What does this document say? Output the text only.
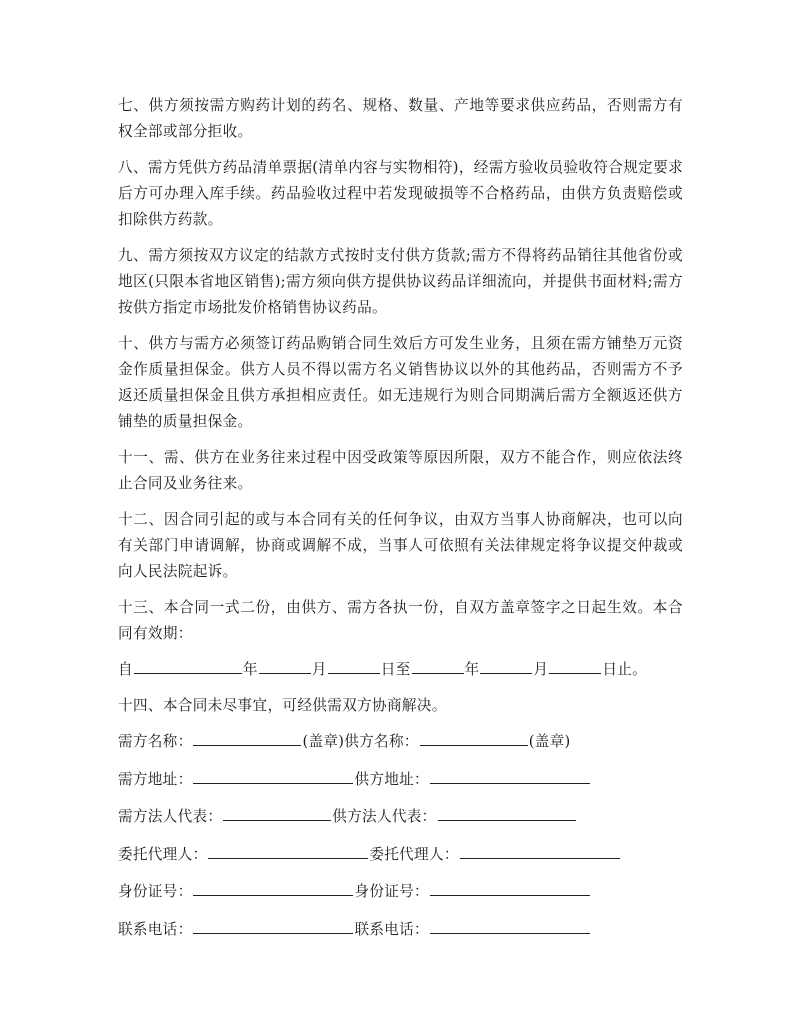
七、供方须按需方购药计划的药名、规格、数量、产地等要求供应药品，否则需方有权全部或部分拒收。

八、需方凭供方药品清单票据(清单内容与实物相符)，经需方验收员验收符合规定要求后方可办理入库手续。药品验收过程中若发现破损等不合格药品，由供方负责赔偿或扣除供方药款。

九、需方须按双方议定的结款方式按时支付供方货款;需方不得将药品销往其他省份或地区(只限本省地区销售);需方须向供方提供协议药品详细流向，并提供书面材料;需方按供方指定市场批发价格销售协议药品。

十、供方与需方必须签订药品购销合同生效后方可发生业务，且须在需方铺垫万元资金作质量担保金。供方人员不得以需方名义销售协议以外的其他药品，否则需方不予返还质量担保金且供方承担相应责任。如无违规行为则合同期满后需方全额返还供方铺垫的质量担保金。

十一、需、供方在业务往来过程中因受政策等原因所限，双方不能合作，则应依法终止合同及业务往来。

十二、因合同引起的或与本合同有关的任何争议，由双方当事人协商解决，也可以向有关部门申请调解，协商或调解不成，当事人可依照有关法律规定将争议提交仲裁或向人民法院起诉。

十三、本合同一式二份，由供方、需方各执一份，自双方盖章签字之日起生效。本合同有效期：

自	年	月	日至	年	月	日止。

十四、本合同未尽事宜，可经供需双方协商解决。

需方名称：	(盖章)供方名称：	(盖章)
需方地址：	供方地址：
需方法人代表：	供方法人代表：
委托代理人：	委托代理人：
身份证号：	身份证号：
联系电话：	联系电话：
